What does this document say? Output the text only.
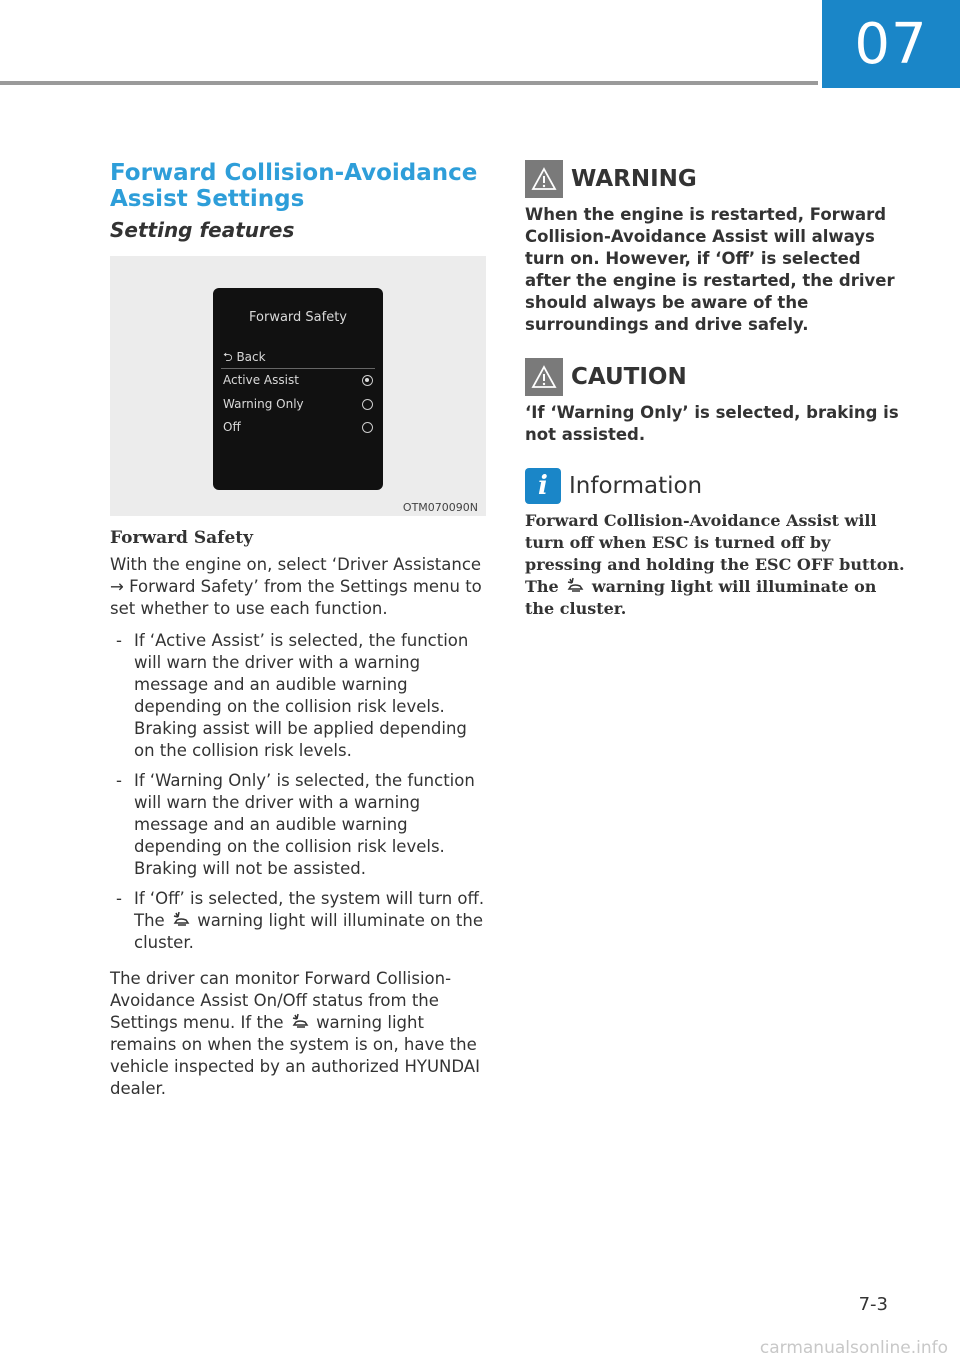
07
Forward Collision-Avoidance Assist Settings
Setting features
Forward Safety
⮌ Back
Active Assist
Warning Only
Off
OTM070090N
Forward Safety

With the engine on, select ‘Driver Assistance → Forward Safety’ from the Settings menu to set whether to use each function.

- If ‘Active Assist’ is selected, the function will warn the driver with a warning message and an audible warning depending on the collision risk levels. Braking assist will be applied depending on the collision risk levels.
- If ‘Warning Only’ is selected, the function will warn the driver with a warning message and an audible warning depending on the collision risk levels. Braking will not be assisted.
- If ‘Off’ is selected, the system will turn off. The warning light will illuminate on the cluster.

The driver can monitor Forward Collision-Avoidance Assist On/Off status from the Settings menu. If the warning light remains on when the system is on, have the vehicle inspected by an authorized HYUNDAI dealer.

WARNING

When the engine is restarted, Forward Collision-Avoidance Assist will always turn on. However, if ‘Off’ is selected after the engine is restarted, the driver should always be aware of the surroundings and drive safely.

CAUTION

‘If ‘Warning Only’ is selected, braking is not assisted.

i Information

Forward Collision-Avoidance Assist will turn off when ESC is turned off by pressing and holding the ESC OFF button. The warning light will illuminate on the cluster.

7-3
carmanualsonline.info
